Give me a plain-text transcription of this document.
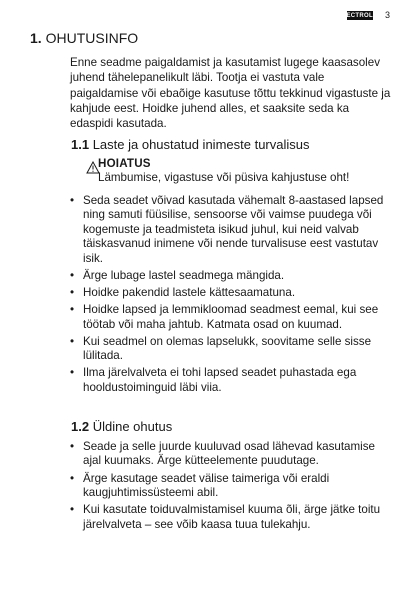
ELECTROLUX 3
1. OHUTUSINFO

Enne seadme paigaldamist ja kasutamist lugege kaasasolev juhend tähelepanelikult läbi. Tootja ei vastuta vale paigaldamise või ebaõige kasutuse tõttu tekkinud vigastuste ja kahjude eest. Hoidke juhend alles, et saaksite seda ka edaspidi kasutada.

1.1 Laste ja ohustatud inimeste turvalisus
HOIATUS
Lämbumise, vigastuse või püsiva kahjustuse oht!
• Seda seadet võivad kasutada vähemalt 8-aastased lapsed ning samuti füüsilise, sensoorse või vaimse puudega või kogemuste ja teadmisteta isikud juhul, kui neid valvab täiskasvanud inimene või nende turvalisuse eest vastutav isik.
• Ärge lubage lastel seadmega mängida.
• Hoidke pakendid lastele kättesaamatuna.
• Hoidke lapsed ja lemmikloomad seadmest eemal, kui see töötab või maha jahtub. Katmata osad on kuumad.
• Kui seadmel on olemas lapselukk, soovitame selle sisse lülitada.
• Ilma järelvalveta ei tohi lapsed seadet puhastada ega hooldustoiminguid läbi viia.
1.2 Üldine ohutus
• Seade ja selle juurde kuuluvad osad lähevad kasutamise ajal kuumaks. Ärge kütteelemente puudutage.
• Ärge kasutage seadet välise taimeriga või eraldi kaugjuhtimissüsteemi abil.
• Kui kasutate toiduvalmistamisel kuuma õli, ärge jätke toitu järelvalveta – see võib kaasa tuua tulekahju.
